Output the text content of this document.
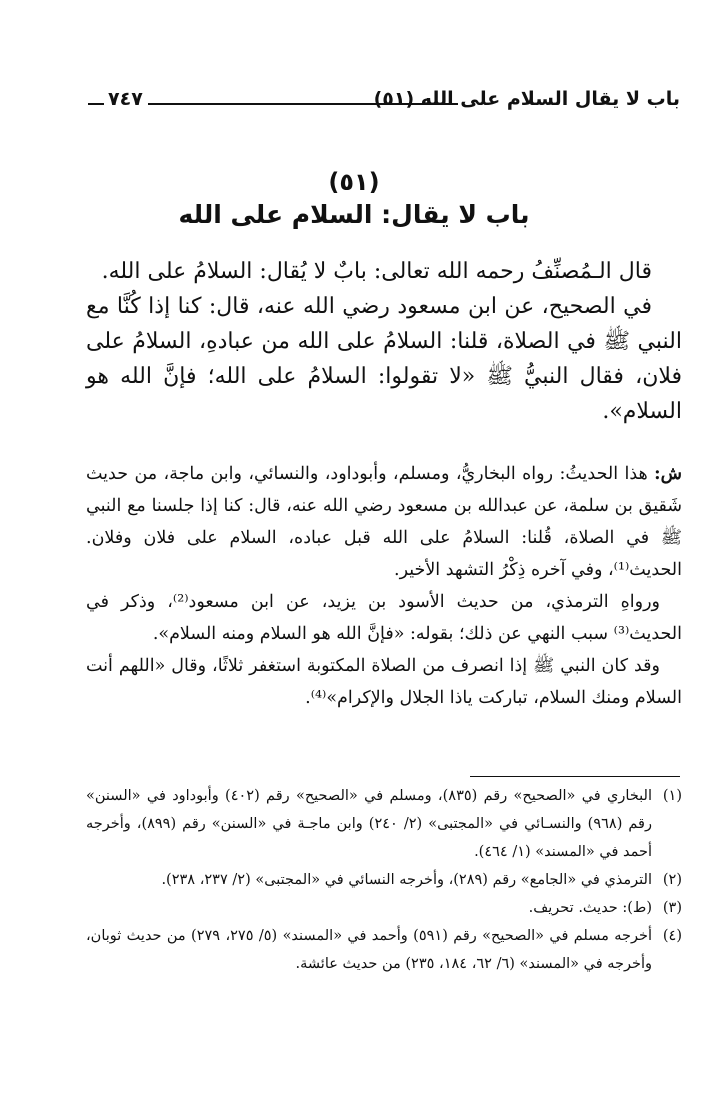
باب لا يقال السلام على الله (٥١)
٧٤٧
(٥١)
باب لا يقال: السلام على الله

قال الـمُصنِّفُ رحمه الله تعالى: بابٌ لا يُقال: السلامُ على الله.

في الصحيح، عن ابن مسعود رضي الله عنه، قال: كنا إذا كُنَّا مع النبي ﷺ في الصلاة، قلنا: السلامُ على الله من عبادهِ، السلامُ على فلان، فقال النبيُّ ﷺ «لا تقولوا: السلامُ على الله؛ فإنَّ الله هو السلام».

ش: هذا الحديثُ: رواه البخاريُّ، ومسلم، وأبوداود، والنسائي، وابن ماجة، من حديث شَقيق بن سلمة، عن عبدالله بن مسعود رضي الله عنه، قال: كنا إذا جلسنا مع النبي ﷺ في الصلاة، قُلنا: السلامُ على الله قبل عباده، السلام على فلان وفلان. الحديث⁽¹⁾، وفي آخره ذِكْرُ التشهد الأخير.

ورواهِ الترمذي، من حديث الأسود بن يزيد، عن ابن مسعود⁽²⁾، وذكر في الحديث⁽³⁾ سبب النهي عن ذلك؛ بقوله: «فإنَّ الله هو السلام ومنه السلام».

وقد كان النبي ﷺ إذا انصرف من الصلاة المكتوبة استغفر ثلاثًا، وقال «اللهم أنت السلام ومنك السلام، تباركت ياذا الجلال والإكرام»⁽⁴⁾.

(١)
البخاري في «الصحيح» رقم (٨٣٥)، ومسلم في «الصحيح» رقم (٤٠٢) وأبوداود في «السنن» رقم (٩٦٨) والنسـائي في «المجتبى» (٢/ ٢٤٠) وابن ماجـة في «السنن» رقم (٨٩٩)، وأخرجه أحمد في «المسند» (١/ ٤٦٤).

(٢)
الترمذي في «الجامع» رقم (٢٨٩)، وأخرجه النسائي في «المجتبى» (٢/ ٢٣٧، ٢٣٨).

(٣)
(ط): حديث. تحريف.

(٤)
أخرجه مسلم في «الصحيح» رقم (٥٩١) وأحمد في «المسند» (٥/ ٢٧٥، ٢٧٩) من حديث ثوبان، وأخرجه في «المسند» (٦/ ٦٢، ١٨٤، ٢٣٥) من حديث عائشة.
